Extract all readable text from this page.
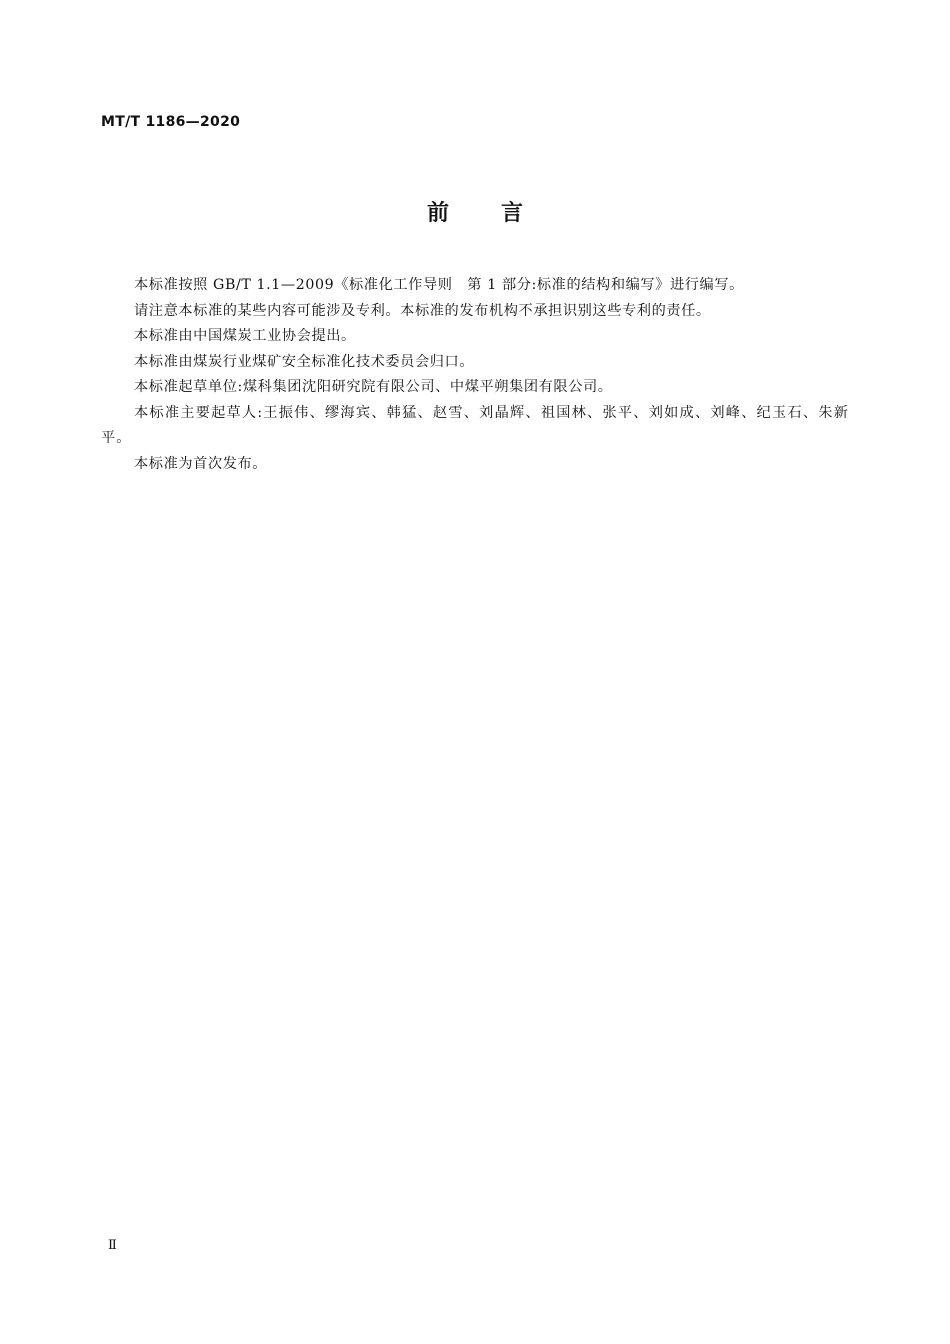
MT/T 1186—2020
前 言

本标准按照 GB/T 1.1—2009《标准化工作导则　第 1 部分:标准的结构和编写》进行编写。

请注意本标准的某些内容可能涉及专利。本标准的发布机构不承担识别这些专利的责任。

本标准由中国煤炭工业协会提出。

本标准由煤炭行业煤矿安全标准化技术委员会归口。

本标准起草单位:煤科集团沈阳研究院有限公司、中煤平朔集团有限公司。

本标准主要起草人:王振伟、缪海宾、韩猛、赵雪、刘晶辉、祖国林、张平、刘如成、刘峰、纪玉石、朱新平。

本标准为首次发布。

Ⅱ
